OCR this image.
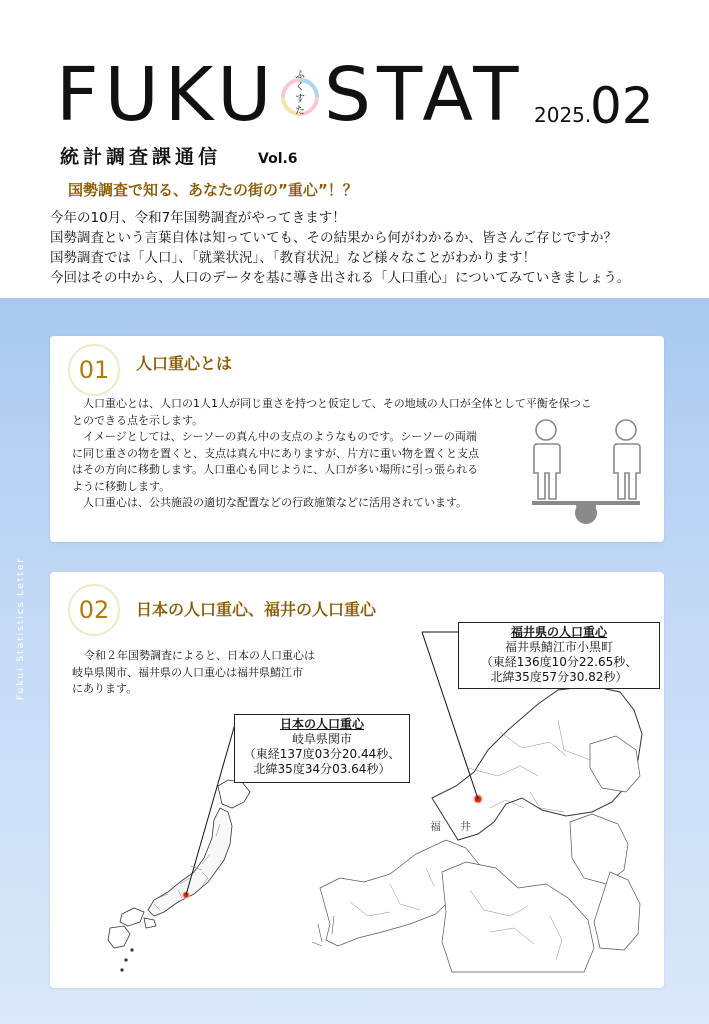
FUKU ふくすた STAT 2025.
02
統計調査課通信	Vol.6
国勢調査で知る、あなたの街の”重心”！？

今年の10月、令和7年国勢調査がやってきます！

国勢調査という言葉自体は知っていても、その結果から何がわかるか、皆さんご存じですか？

国勢調査では「人口」、「就業状況」、「教育状況」など様々なことがわかります！

今回はその中から、人口のデータを基に導き出される「人口重心」についてみていきましょう。

01	人口重心とは

　人口重心とは、人口の1人1人が同じ重さを持つと仮定して、その地域の人口が全体として平衡を保つこ

とのできる点を示します。

　イメージとしては、シーソーの真ん中の支点のようなものです。シーソーの両端

に同じ重さの物を置くと、支点は真ん中にありますが、片方に重い物を置くと支点

はその方向に移動します。人口重心も同じように、人口が多い場所に引っ張られる

ように移動します。

　人口重心は、公共施設の適切な配置などの行政施策などに活用されています。

02	日本の人口重心、福井の人口重心

令和２年国勢調査によると、日本の人口重心は

岐阜県関市、福井県の人口重心は福井県鯖江市

にあります。

福 井
福井県の人口重心
福井県鯖江市小黒町
（東経136度10分22.65秒、
北緯35度57分30.82秒）
日本の人口重心
岐阜県関市
（東経137度03分20.44秒、
北緯35度34分03.64秒）
